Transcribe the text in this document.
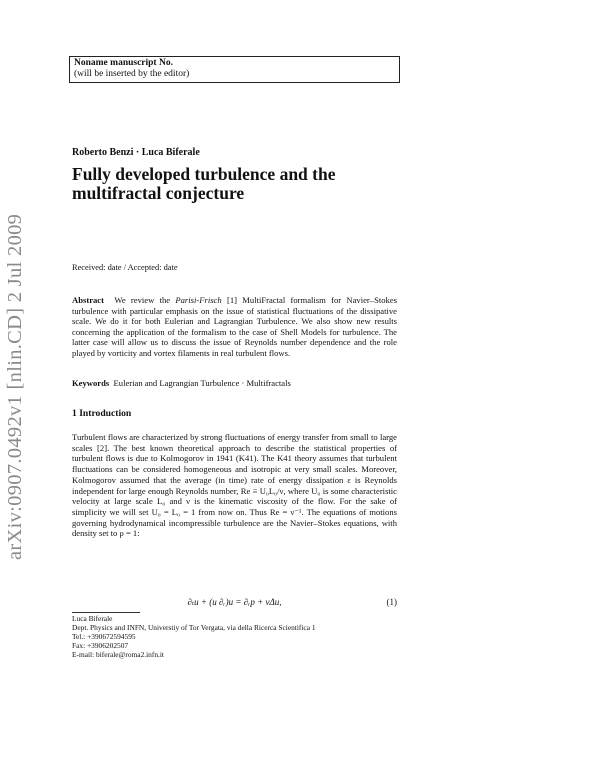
arXiv:0907.0492v1 [nlin.CD] 2 Jul 2009
Noname manuscript No.
(will be inserted by the editor)
Roberto Benzi · Luca Biferale
Fully developed turbulence and the
multifractal conjecture
Received: date / Accepted: date
Abstract We review the Parisi-Frisch [1] MultiFractal formalism for Navier–Stokes turbulence with particular emphasis on the issue of statistical fluctuations of the dissipative scale. We do it for both Eulerian and Lagrangian Turbulence. We also show new results concerning the application of the formalism to the case of Shell Models for turbulence. The latter case will allow us to discuss the issue of Reynolds number dependence and the role played by vorticity and vortex filaments in real turbulent flows.
Keywords Eulerian and Lagrangian Turbulence · Multifractals
1 Introduction
Turbulent flows are characterized by strong fluctuations of energy transfer from small to large scales [2]. The best known theoretical approach to describe the statistical properties of turbulent flows is due to Kolmogorov in 1941 (K41). The K41 theory assumes that turbulent fluctuations can be considered homogeneous and isotropic at very small scales. Moreover, Kolmogorov assumed that the average (in time) rate of energy dissipation ε is Reynolds independent for large enough Reynolds number, Re ≡ U₀L₀/ν, where U₀ is some characteristic velocity at large scale L₀ and ν is the kinematic viscosity of the flow. For the sake of simplicity we will set U₀ = L₀ = 1 from now on. Thus Re = ν⁻¹. The equations of motions governing hydrodynamical incompressible turbulence are the Navier–Stokes equations, with density set to ρ = 1:
∂ₜu + (u ∂ᵣ)u = ∂ᵣp + νΔu,	(1)
Luca Biferale
Dept. Physics and INFN, Universtiy of Tor Vergata, via della Ricerca Scientifica 1
Tel.: +390672594595
Fax: +3906202507
E-mail: biferale@roma2.infn.it
